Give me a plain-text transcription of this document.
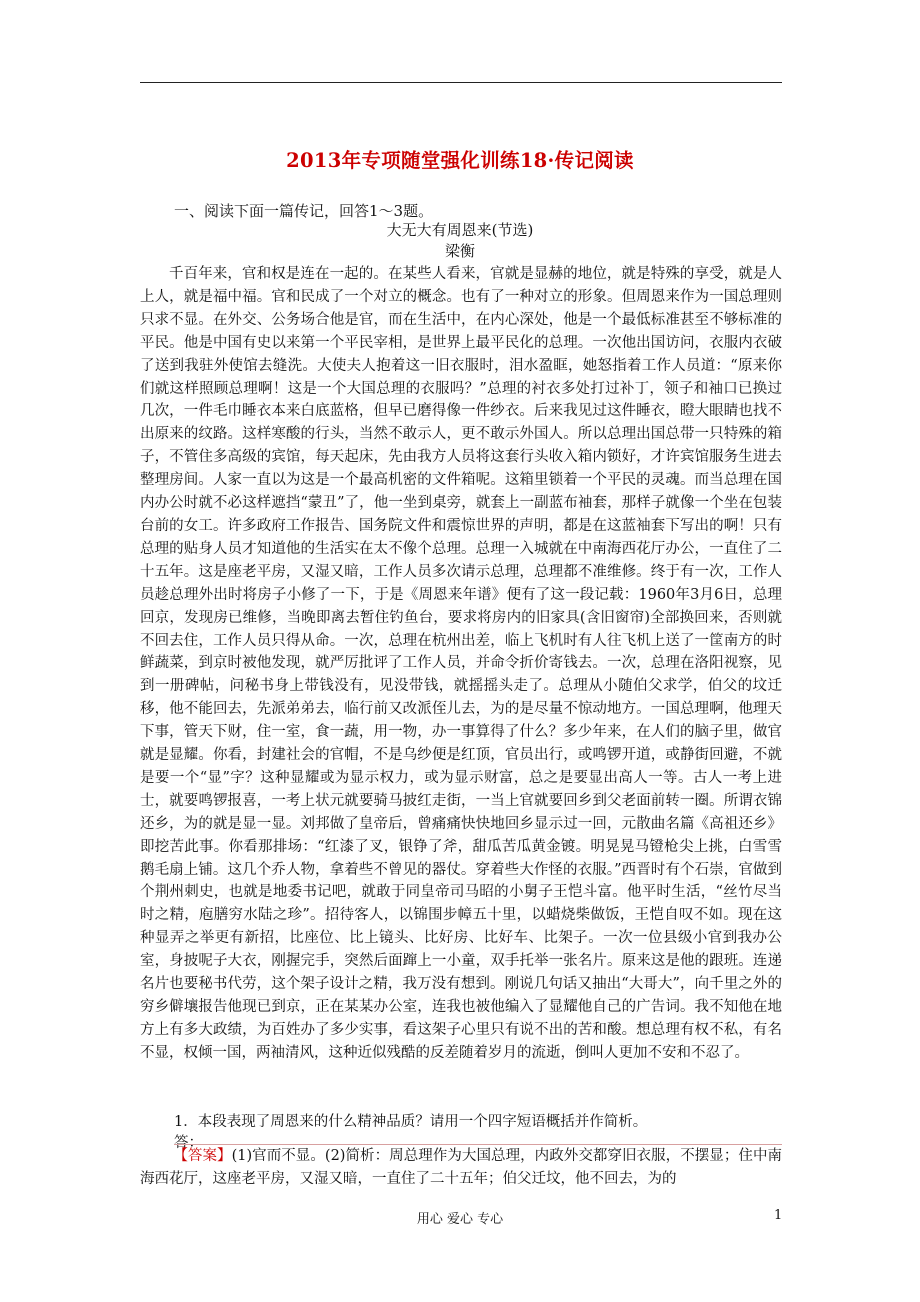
2013年专项随堂强化训练18·传记阅读
一、阅读下面一篇传记，回答1～3题。
大无大有周恩来(节选)
梁衡

千百年来，官和权是连在一起的。在某些人看来，官就是显赫的地位，就是特殊的享受，就是人上人，就是福中福。官和民成了一个对立的概念。也有了一种对立的形象。但周恩来作为一国总理则只求不显。在外交、公务场合他是官，而在生活中，在内心深处，他是一个最低标准甚至不够标准的平民。他是中国有史以来第一个平民宰相，是世界上最平民化的总理。一次他出国访问，衣服内衣破了送到我驻外使馆去缝洗。大使夫人抱着这一旧衣服时，泪水盈眶，她怒指着工作人员道：“原来你们就这样照顾总理啊！这是一个大国总理的衣服吗？”总理的衬衣多处打过补丁，领子和袖口已换过几次，一件毛巾睡衣本来白底蓝格，但早已磨得像一件纱衣。后来我见过这件睡衣，瞪大眼睛也找不出原来的纹路。这样寒酸的行头，当然不敢示人，更不敢示外国人。所以总理出国总带一只特殊的箱子，不管住多高级的宾馆，每天起床，先由我方人员将这套行头收入箱内锁好，才许宾馆服务生进去整理房间。人家一直以为这是一个最高机密的文件箱呢。这箱里锁着一个平民的灵魂。而当总理在国内办公时就不必这样遮挡“蒙丑”了，他一坐到桌旁，就套上一副蓝布袖套，那样子就像一个坐在包装台前的女工。许多政府工作报告、国务院文件和震惊世界的声明，都是在这蓝袖套下写出的啊！只有总理的贴身人员才知道他的生活实在太不像个总理。总理一入城就在中南海西花厅办公，一直住了二十五年。这是座老平房，又湿又暗，工作人员多次请示总理，总理都不准维修。终于有一次，工作人员趁总理外出时将房子小修了一下，于是《周恩来年谱》便有了这一段记载：1960年3月6日，总理回京，发现房已维修，当晚即离去暂住钓鱼台，要求将房内的旧家具(含旧窗帘)全部换回来，否则就不回去住，工作人员只得从命。一次，总理在杭州出差，临上飞机时有人往飞机上送了一筐南方的时鲜蔬菜，到京时被他发现，就严厉批评了工作人员，并命令折价寄钱去。一次，总理在洛阳视察，见到一册碑帖，问秘书身上带钱没有，见没带钱，就摇摇头走了。总理从小随伯父求学，伯父的坟迁移，他不能回去，先派弟弟去，临行前又改派侄儿去，为的是尽量不惊动地方。一国总理啊，他理天下事，管天下财，住一室，食一蔬，用一物，办一事算得了什么？多少年来，在人们的脑子里，做官就是显耀。你看，封建社会的官帽，不是乌纱便是红顶，官员出行，或鸣锣开道，或静街回避，不就是要一个“显”字？这种显耀或为显示权力，或为显示财富，总之是要显出高人一等。古人一考上进士，就要鸣锣报喜，一考上状元就要骑马披红走街，一当上官就要回乡到父老面前转一圈。所谓衣锦还乡，为的就是显一显。刘邦做了皇帝后，曾痛痛快快地回乡显示过一回，元散曲名篇《高祖还乡》即挖苦此事。你看那排场：“红漆了叉，银铮了斧，甜瓜苦瓜黄金镀。明晃晃马镫枪尖上挑，白雪雪鹅毛扇上铺。这几个乔人物，拿着些不曾见的器仗。穿着些大作怪的衣服。”西晋时有个石崇，官做到个荆州刺史，也就是地委书记吧，就敢于同皇帝司马昭的小舅子王恺斗富。他平时生活，“丝竹尽当时之精，庖膳穷水陆之珍”。招待客人，以锦围步幛五十里，以蜡烧柴做饭，王恺自叹不如。现在这种显弄之举更有新招，比座位、比上镜头、比好房、比好车、比架子。一次一位县级小官到我办公室，身披呢子大衣，刚握完手，突然后面蹿上一小童，双手托举一张名片。原来这是他的跟班。连递名片也要秘书代劳，这个架子设计之精，我万没有想到。刚说几句话又抽出“大哥大”，向千里之外的穷乡僻壤报告他现已到京，正在某某办公室，连我也被他编入了显耀他自己的广告词。我不知他在地方上有多大政绩，为百姓办了多少实事，看这架子心里只有说不出的苦和酸。想总理有权不私，有名不显，权倾一国，两袖清风，这种近似残酷的反差随着岁月的流逝，倒叫人更加不安和不忍了。

1．本段表现了周恩来的什么精神品质？请用一个四字短语概括并作简析。
答：

【答案】(1)官而不显。(2)简析：周总理作为大国总理，内政外交都穿旧衣服，不摆显；住中南海西花厅，这座老平房，又湿又暗，一直住了二十五年；伯父迁坟，他不回去，为的

用心 爱心 专心	1
